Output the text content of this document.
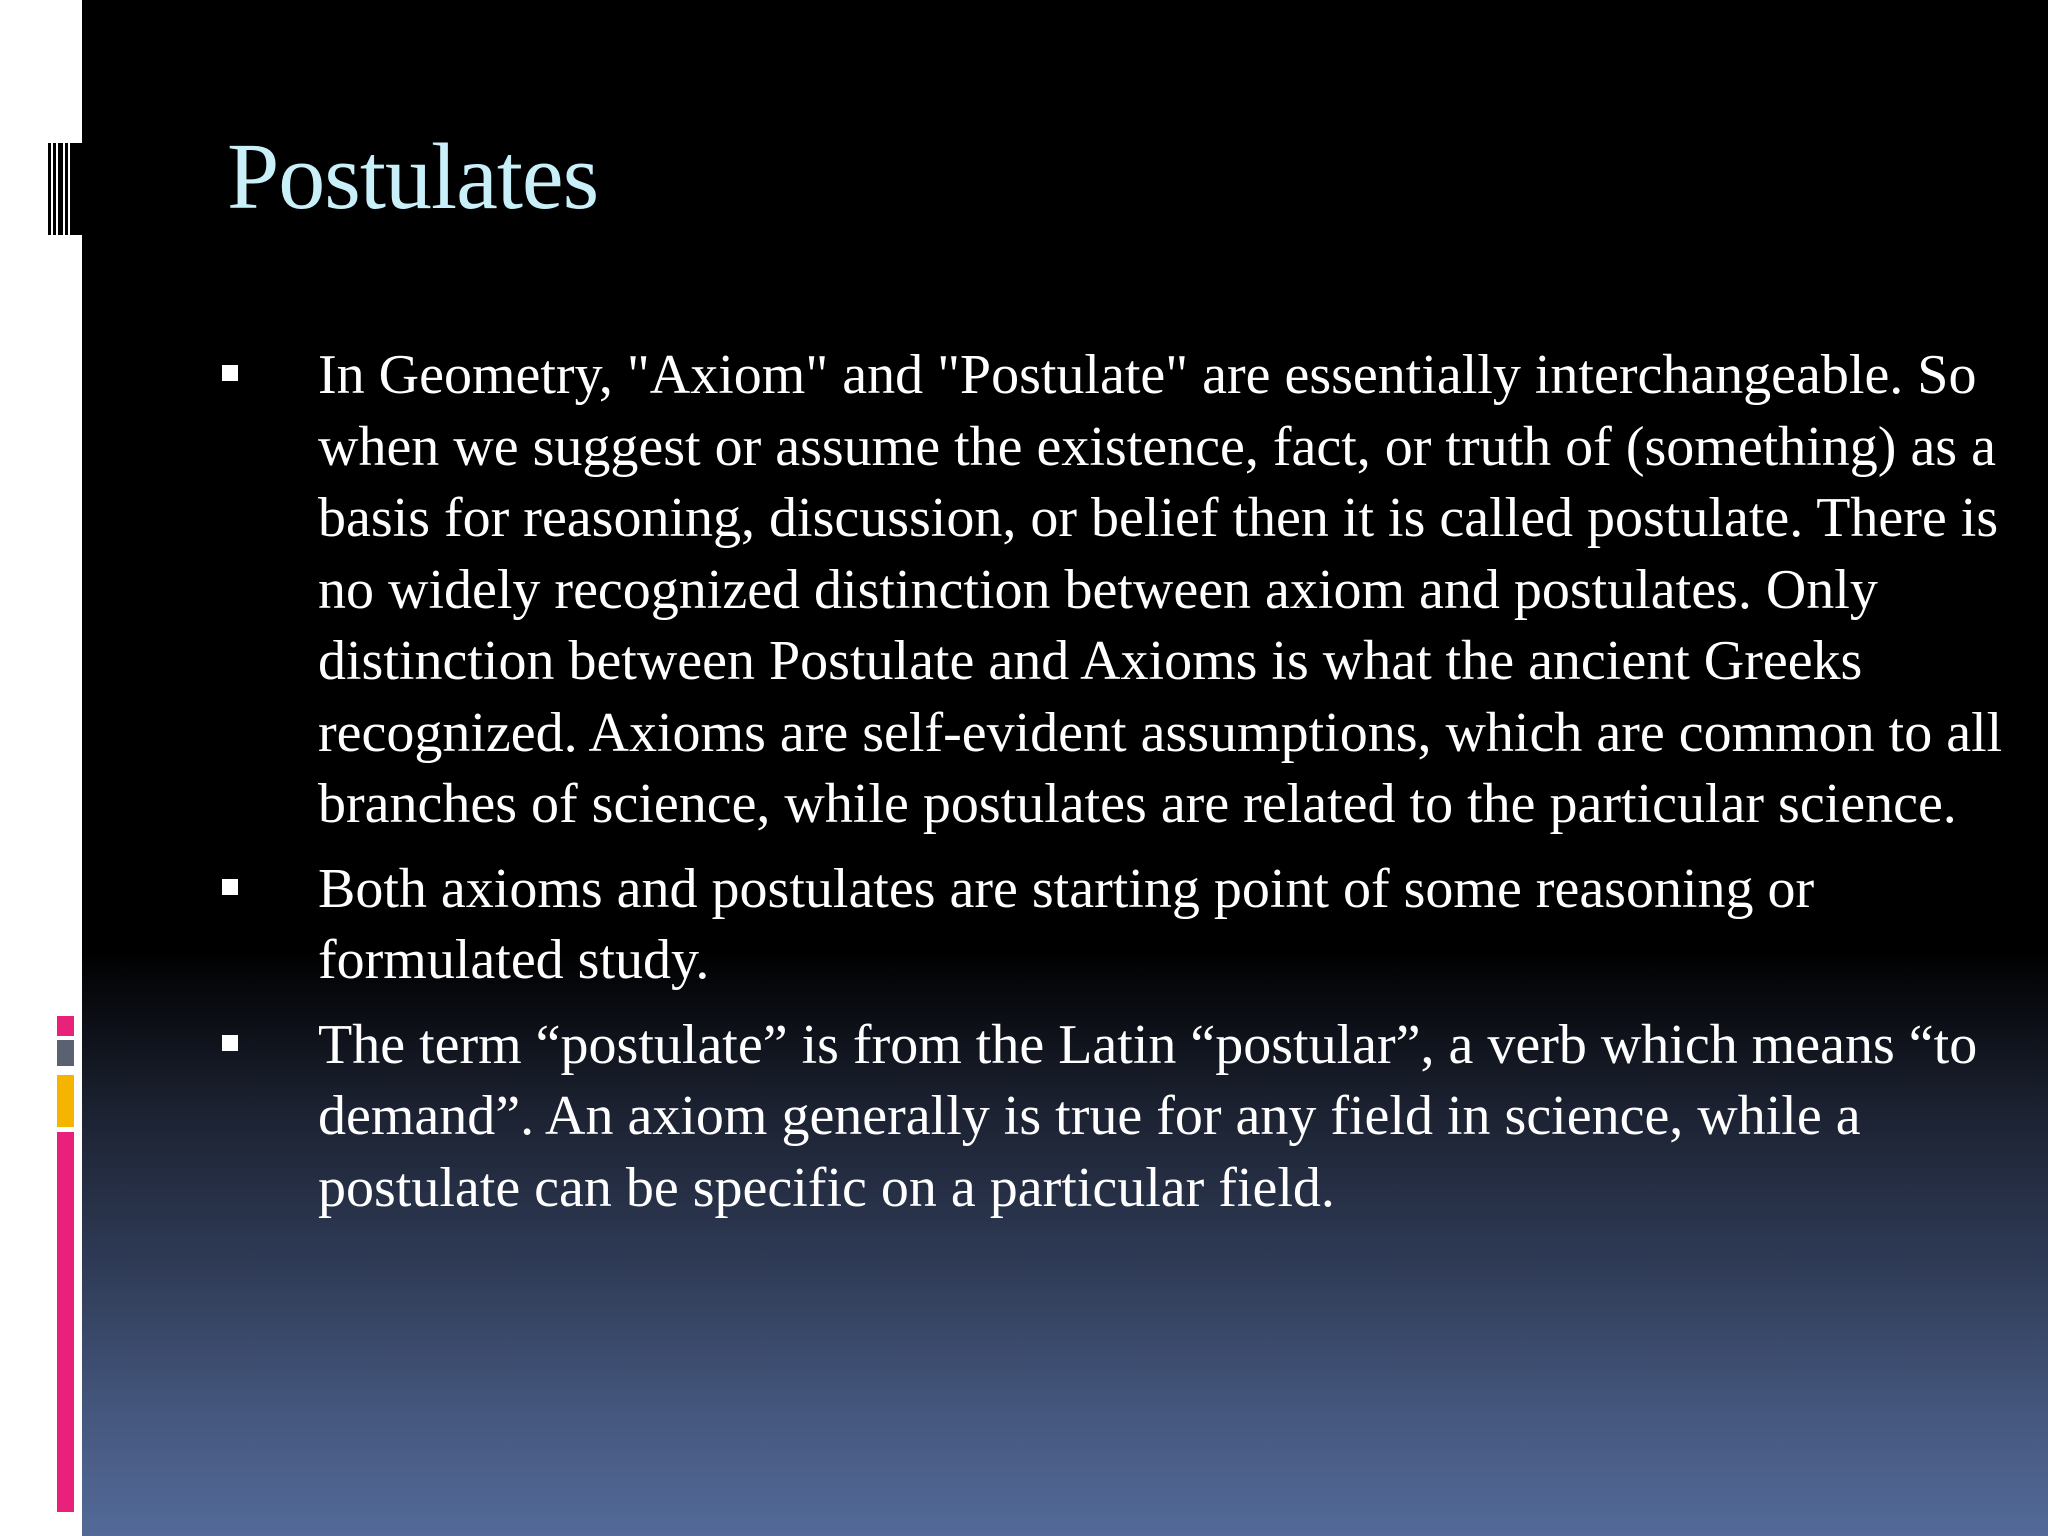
Postulates
In Geometry, "Axiom" and "Postulate" are essentially interchangeable. So when we suggest or assume the existence, fact, or truth of (something) as a basis for reasoning, discussion, or belief then it is called postulate. There is no widely recognized distinction between axiom and postulates. Only distinction between Postulate and Axioms is what the ancient Greeks recognized. Axioms are self-evident assumptions, which are common to all branches of science, while postulates are related to the particular science.
Both axioms and postulates are starting point of some reasoning or formulated study.
The term “postulate” is from the Latin “postular”, a verb which means “to demand”. An axiom generally is true for any field in science, while a postulate can be specific on a particular field.
